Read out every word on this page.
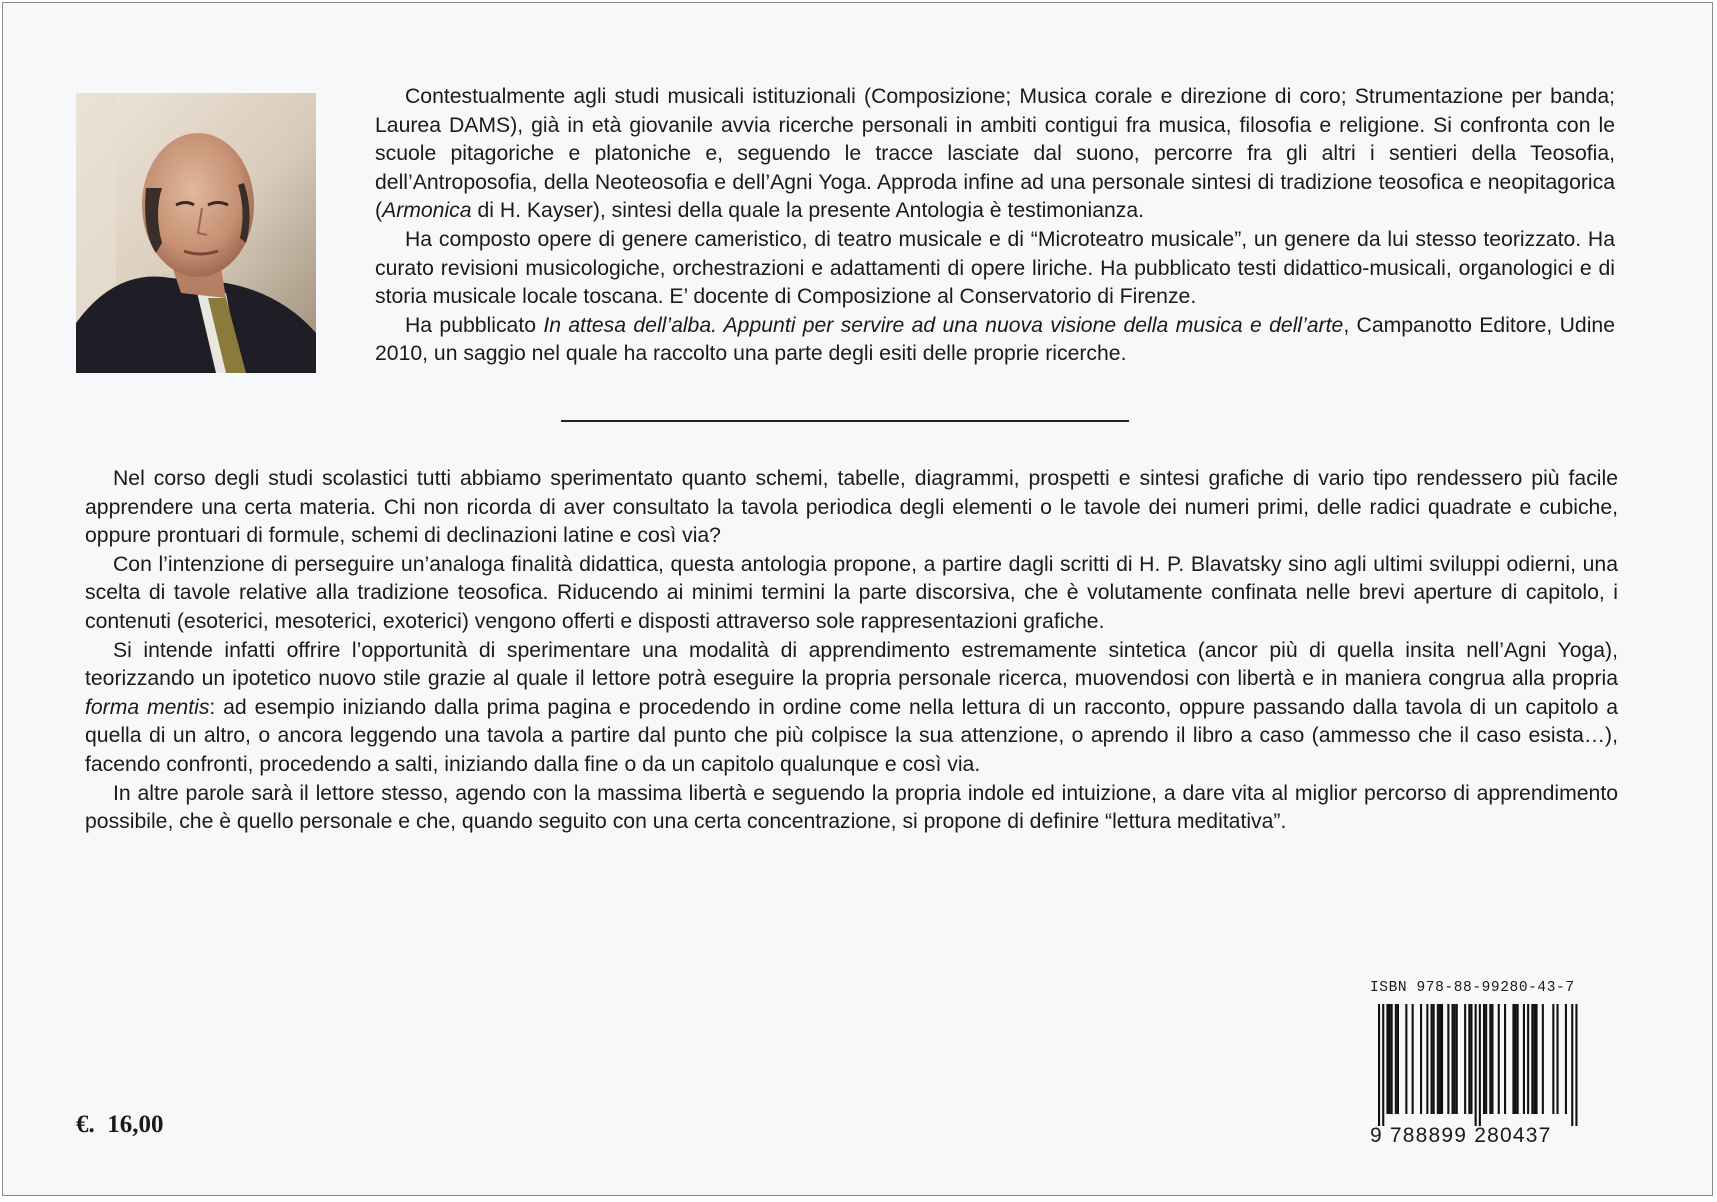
Contestualmente agli studi musicali istituzionali (Composizione; Musica corale e direzione di coro; Strumentazione per banda; Laurea DAMS), già in età giovanile avvia ricerche personali in ambiti contigui fra musica, filosofia e religione. Si confronta con le scuole pitagoriche e platoniche e, seguendo le tracce lasciate dal suono, percorre fra gli altri i sentieri della Teosofia, dell’Antroposofia, della Neoteosofia e dell’Agni Yoga. Approda infine ad una personale sintesi di tradizione teosofica e neopitagorica (Armonica di H. Kayser), sintesi della quale la presente Antologia è testimonianza.

Ha composto opere di genere cameristico, di teatro musicale e di “Microteatro musicale”, un genere da lui stesso teorizzato. Ha curato revisioni musicologiche, orchestrazioni e adattamenti di opere liriche. Ha pubblicato testi didattico-musicali, organologici e di storia musicale locale toscana. E’ docente di Composizione al Conservatorio di Firenze.

Ha pubblicato In attesa dell’alba. Appunti per servire ad una nuova visione della musica e dell’arte, Campanotto Editore, Udine 2010, un saggio nel quale ha raccolto una parte degli esiti delle proprie ricerche.

Nel corso degli studi scolastici tutti abbiamo sperimentato quanto schemi, tabelle, diagrammi, prospetti e sintesi grafiche di vario tipo rendessero più facile apprendere una certa materia. Chi non ricorda di aver consultato la tavola periodica degli elementi o le tavole dei numeri primi, delle radici quadrate e cubiche, oppure prontuari di formule, schemi di declinazioni latine e così via?

Con l’intenzione di perseguire un’analoga finalità didattica, questa antologia propone, a partire dagli scritti di H. P. Blavatsky sino agli ultimi sviluppi odierni, una scelta di tavole relative alla tradizione teosofica. Riducendo ai minimi termini la parte discorsiva, che è volutamente confinata nelle brevi aperture di capitolo, i contenuti (esoterici, mesoterici, exoterici) vengono offerti e disposti attraverso sole rappresentazioni grafiche.

Si intende infatti offrire l’opportunità di sperimentare una modalità di apprendimento estremamente sintetica (ancor più di quella insita nell’Agni Yoga), teorizzando un ipotetico nuovo stile grazie al quale il lettore potrà eseguire la propria personale ricerca, muovendosi con libertà e in maniera congrua alla propria forma mentis: ad esempio iniziando dalla prima pagina e procedendo in ordine come nella lettura di un racconto, oppure passando dalla tavola di un capitolo a quella di un altro, o ancora leggendo una tavola a partire dal punto che più colpisce la sua attenzione, o aprendo il libro a caso (ammesso che il caso esista…), facendo confronti, procedendo a salti, iniziando dalla fine o da un capitolo qualunque e così via.

In altre parole sarà il lettore stesso, agendo con la massima libertà e seguendo la propria indole ed intuizione, a dare vita al miglior percorso di apprendimento possibile, che è quello personale e che, quando seguito con una certa concentrazione, si propone di definire “lettura meditativa”.

ISBN 978-88-99280-43-7
9 788899 280437
€.  16,00
